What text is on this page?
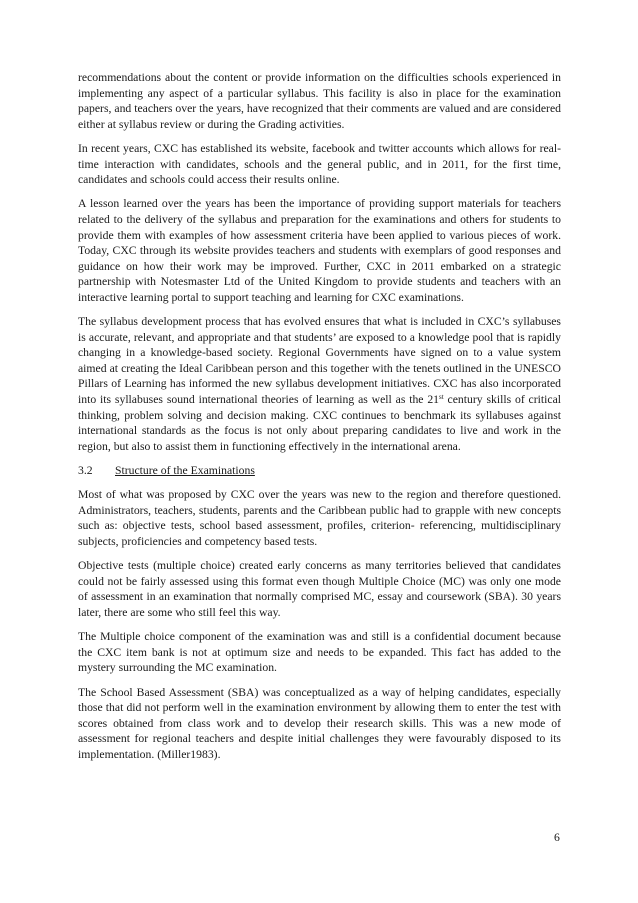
recommendations about the content or provide information on the difficulties schools experienced in implementing any aspect of a particular syllabus. This facility is also in place for the examination papers, and teachers over the years, have recognized that their comments are valued and are considered either at syllabus review or during the Grading activities.

In recent years, CXC has established its website, facebook and twitter accounts which allows for real-time interaction with candidates, schools and the general public, and in 2011, for the first time, candidates and schools could access their results online.

A lesson learned over the years has been the importance of providing support materials for teachers related to the delivery of the syllabus and preparation for the examinations and others for students to provide them with examples of how assessment criteria have been applied to various pieces of work. Today, CXC through its website provides teachers and students with exemplars of good responses and guidance on how their work may be improved. Further, CXC in 2011 embarked on a strategic partnership with Notesmaster Ltd of the United Kingdom to provide students and teachers with an interactive learning portal to support teaching and learning for CXC examinations.

The syllabus development process that has evolved ensures that what is included in CXC’s syllabuses is accurate, relevant, and appropriate and that students’ are exposed to a knowledge pool that is rapidly changing in a knowledge-based society. Regional Governments have signed on to a value system aimed at creating the Ideal Caribbean person and this together with the tenets outlined in the UNESCO Pillars of Learning has informed the new syllabus development initiatives. CXC has also incorporated into its syllabuses sound international theories of learning as well as the 21st century skills of critical thinking, problem solving and decision making. CXC continues to benchmark its syllabuses against international standards as the focus is not only about preparing candidates to live and work in the region, but also to assist them in functioning effectively in the international arena.

3.2	Structure of the Examinations

Most of what was proposed by CXC over the years was new to the region and therefore questioned. Administrators, teachers, students, parents and the Caribbean public had to grapple with new concepts such as: objective tests, school based assessment, profiles, criterion- referencing, multidisciplinary subjects, proficiencies and competency based tests.

Objective tests (multiple choice) created early concerns as many territories believed that candidates could not be fairly assessed using this format even though Multiple Choice (MC) was only one mode of assessment in an examination that normally comprised MC, essay and coursework (SBA). 30 years later, there are some who still feel this way.

The Multiple choice component of the examination was and still is a confidential document because the CXC item bank is not at optimum size and needs to be expanded. This fact has added to the mystery surrounding the MC examination.

The School Based Assessment (SBA) was conceptualized as a way of helping candidates, especially those that did not perform well in the examination environment by allowing them to enter the test with scores obtained from class work and to develop their research skills. This was a new mode of assessment for regional teachers and despite initial challenges they were favourably disposed to its implementation. (Miller1983).

6
